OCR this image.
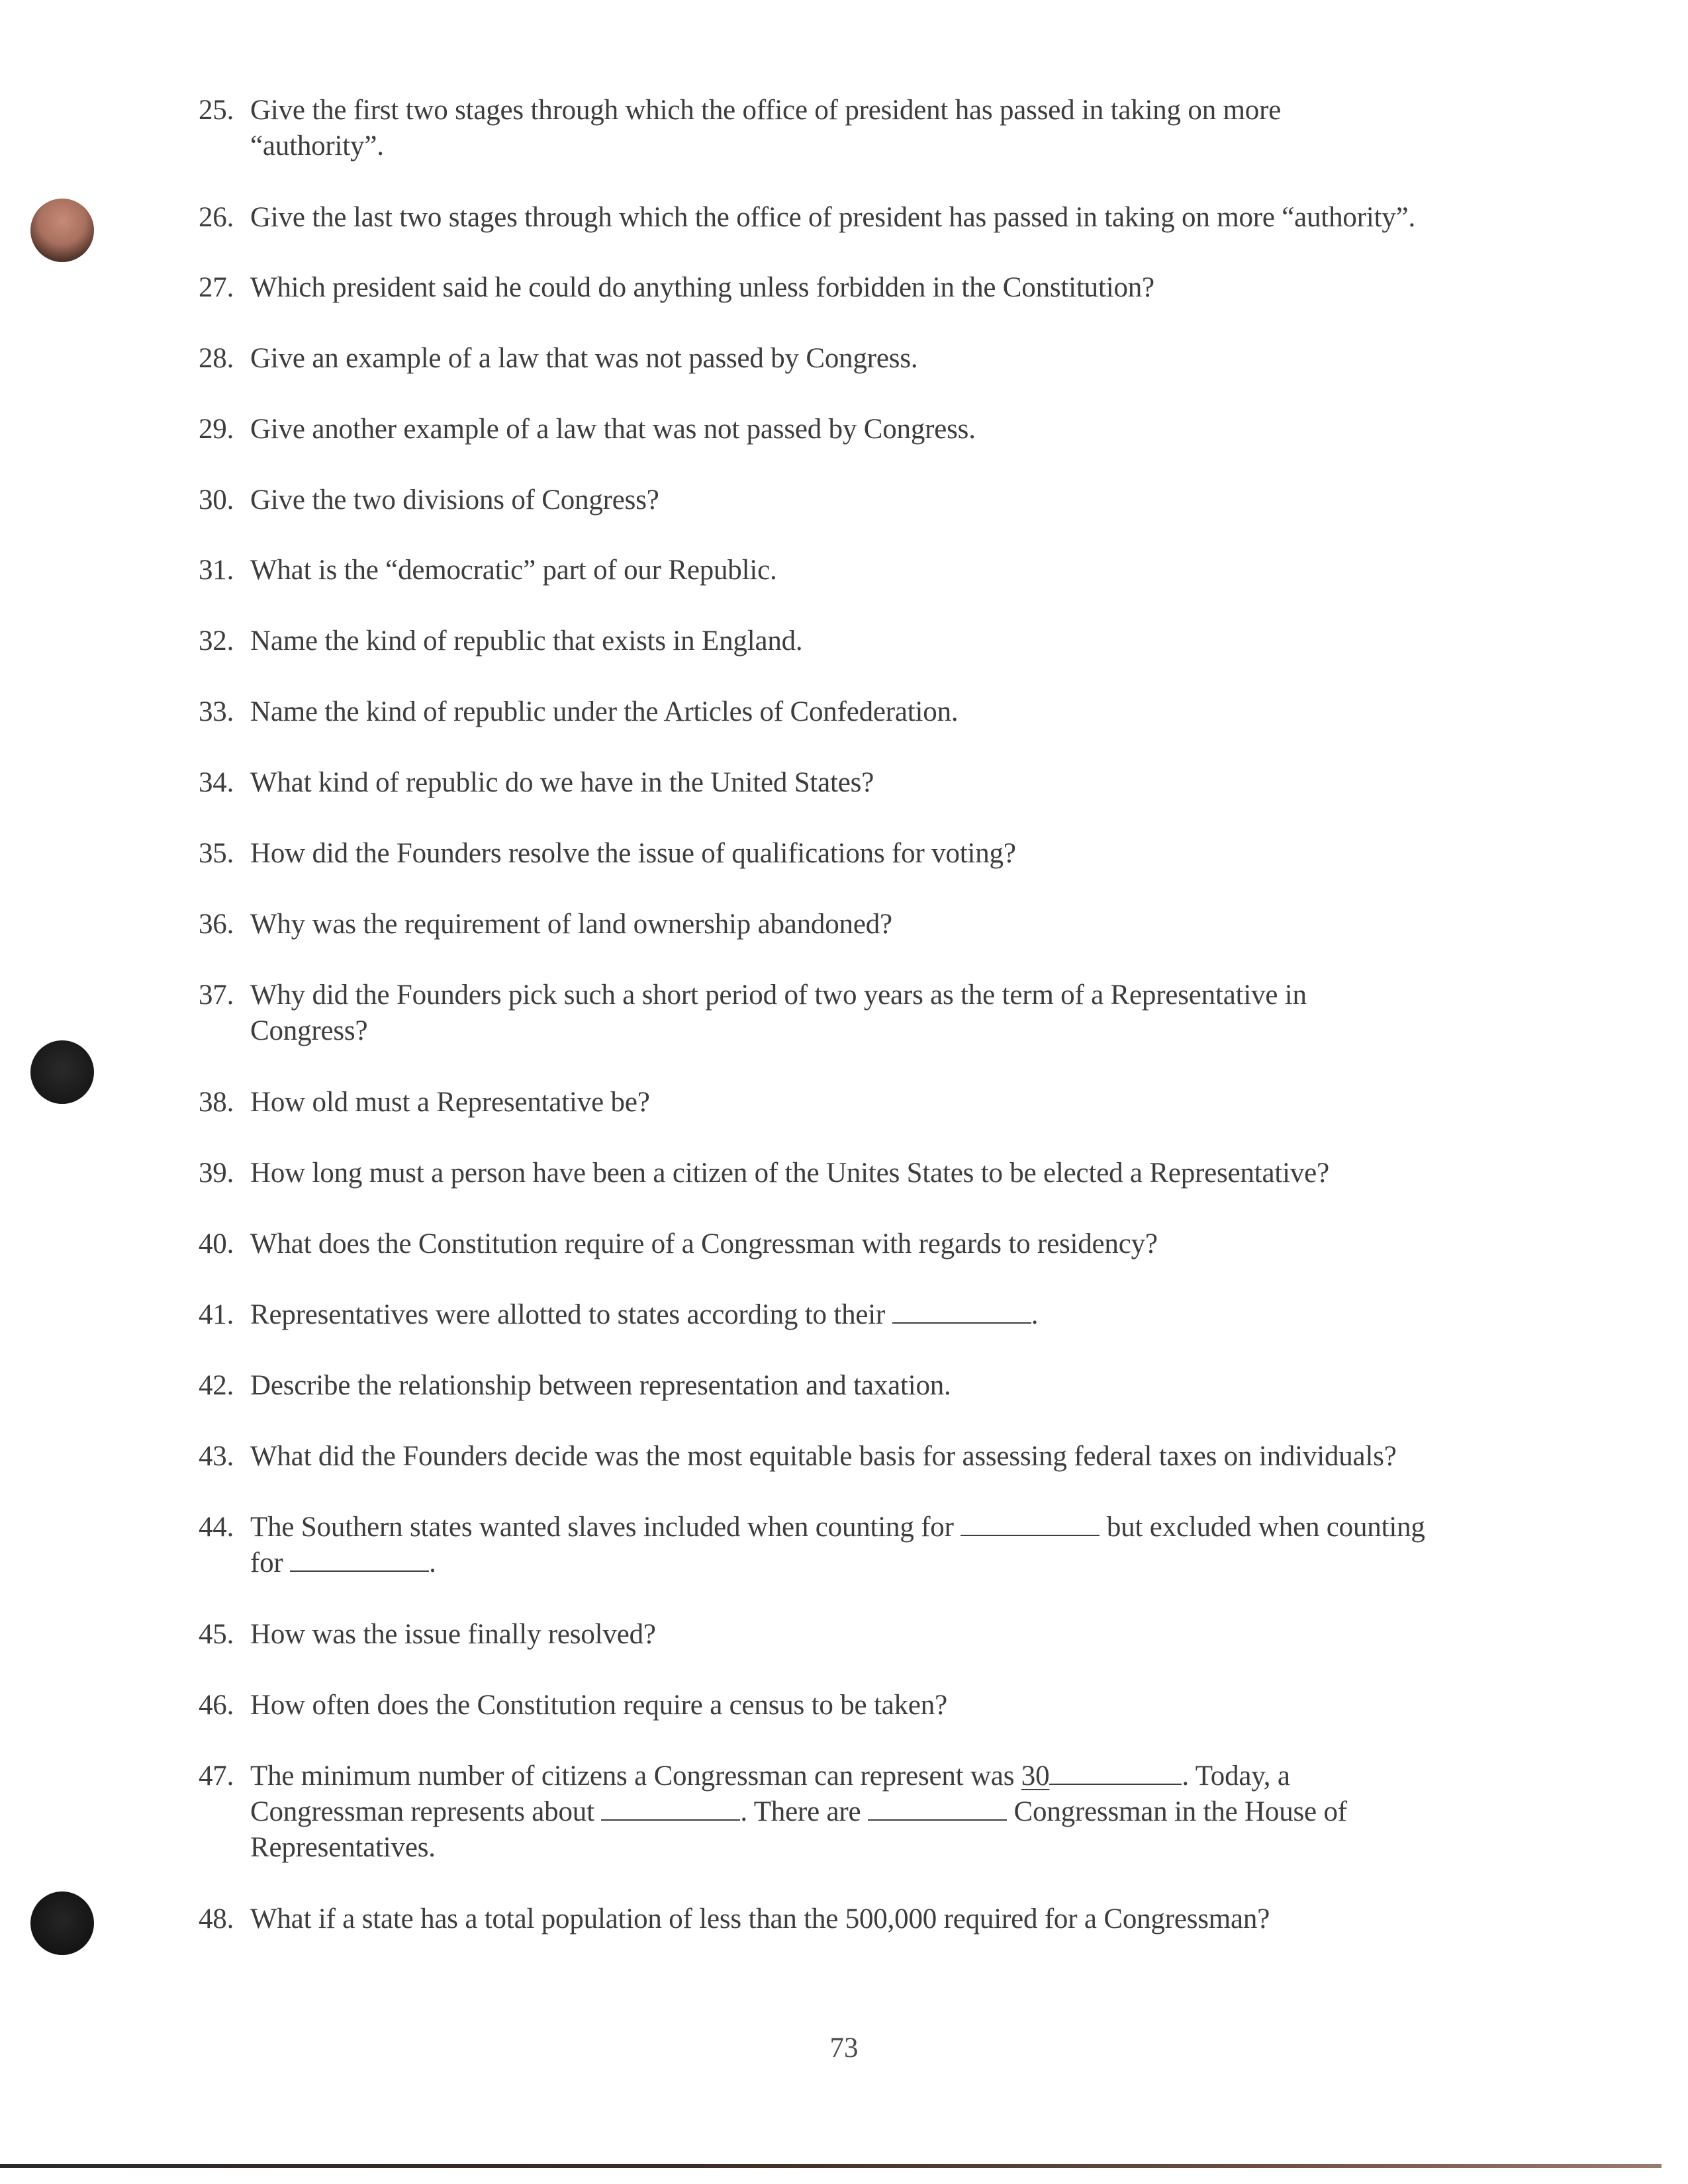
25. Give the first two stages through which the office of president has passed in taking on more
“authority”.
26. Give the last two stages through which the office of president has passed in taking on more “authority”.
27. Which president said he could do anything unless forbidden in the Constitution?
28. Give an example of a law that was not passed by Congress.
29. Give another example of a law that was not passed by Congress.
30. Give the two divisions of Congress?
31. What is the “democratic” part of our Republic.
32. Name the kind of republic that exists in England.
33. Name the kind of republic under the Articles of Confederation.
34. What kind of republic do we have in the United States?
35. How did the Founders resolve the issue of qualifications for voting?
36. Why was the requirement of land ownership abandoned?
37. Why did the Founders pick such a short period of two years as the term of a Representative in
Congress?
38. How old must a Representative be?
39. How long must a person have been a citizen of the Unites States to be elected a Representative?
40. What does the Constitution require of a Congressman with regards to residency?
41. Representatives were allotted to states according to their	.
42. Describe the relationship between representation and taxation.
43. What did the Founders decide was the most equitable basis for assessing federal taxes on individuals?
44. The Southern states wanted slaves included when counting for	but excluded when counting
for	.
45. How was the issue finally resolved?
46. How often does the Constitution require a census to be taken?
47. The minimum number of citizens a Congressman can represent was 30	. Today, a
Congressman represents about	. There are	Congressman in the House of
Representatives.
48. What if a state has a total population of less than the 500,000 required for a Congressman?
73
